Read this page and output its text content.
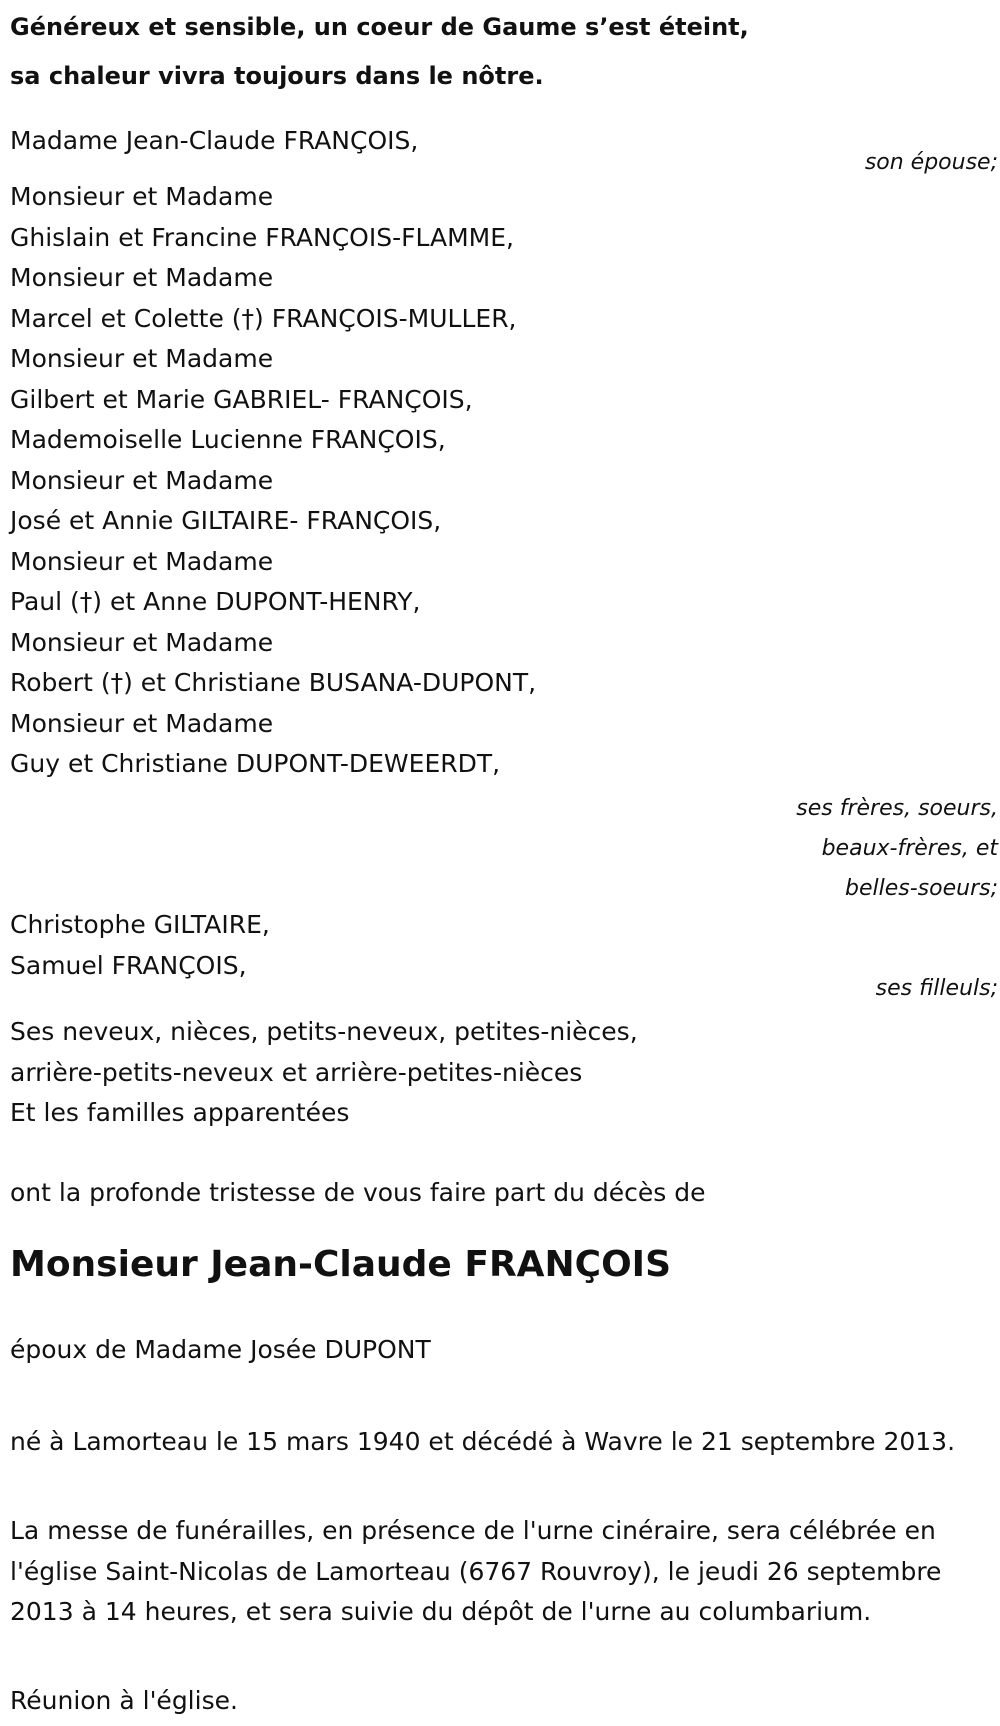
Généreux et sensible, un coeur de Gaume s’est éteint,
sa chaleur vivra toujours dans le nôtre.
Madame Jean-Claude FRANÇOIS,
son épouse;
Monsieur et Madame
Ghislain et Francine FRANÇOIS-FLAMME,
Monsieur et Madame
Marcel et Colette (†) FRANÇOIS-MULLER,
Monsieur et Madame
Gilbert et Marie GABRIEL- FRANÇOIS,
Mademoiselle Lucienne FRANÇOIS,
Monsieur et Madame
José et Annie GILTAIRE- FRANÇOIS,
Monsieur et Madame
Paul (†) et Anne DUPONT-HENRY,
Monsieur et Madame
Robert (†) et Christiane BUSANA-DUPONT,
Monsieur et Madame
Guy et Christiane DUPONT-DEWEERDT,
ses frères, soeurs,
beaux-frères, et
belles-soeurs;
Christophe GILTAIRE,
Samuel FRANÇOIS,
ses filleuls;
Ses neveux, nièces, petits-neveux, petites-nièces,
arrière-petits-neveux et arrière-petites-nièces
Et les familles apparentées
ont la profonde tristesse de vous faire part du décès de
Monsieur Jean-Claude FRANÇOIS
époux de Madame Josée DUPONT

né à Lamorteau le 15 mars 1940 et décédé à Wavre le 21 septembre 2013.

La messe de funérailles, en présence de l'urne cinéraire, sera célébrée en l'église Saint-Nicolas de Lamorteau (6767 Rouvroy), le jeudi 26 septembre 2013 à 14 heures, et sera suivie du dépôt de l'urne au columbarium.

Réunion à l'église.
